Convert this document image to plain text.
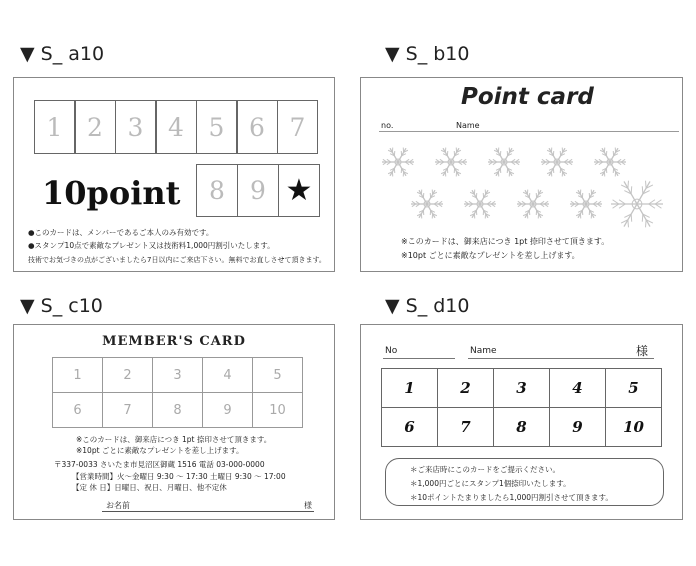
▼ S_ a10	▼ S_ b10
▼ S_ c10	▼ S_ d10
1 2 3 4 5 6 7
10point 8 9 ★
●このカードは、メンバーであるご本人のみ有効です。
●スタンプ10点で素敵なプレゼント又は技術料1,000円割引いたします。
技術でお気づきの点がございましたら7日以内にご来店下さい。無料でお直しさせて頂きます。
Point card
no.	Name
※このカードは、御来店につき 1pt 捺印させて頂きます。
※10pt ごとに素敵なプレゼントを差し上げます。
MEMBER'S CARD
1	2	3	4	5
6	7	8	9	10
※このカードは、御来店につき 1pt 捺印させて頂きます。
※10pt ごとに素敵なプレゼントを差し上げます。
〒337-0033 さいたま市見沼区御蔵 1516 電話 03-000-0000
【営業時間】火～金曜日 9:30 ～ 17:30 土曜日 9:30 ～ 17:00
【定 休 日】日曜日、祝日、月曜日、他不定休
お名前	様
No	Name	様
1	2	3	4	5
6	7	8	9	10
＊ご来店時にこのカードをご提示ください。
＊1,000円ごとにスタンプ1個捺印いたします。
＊10ポイントたまりましたら1,000円割引させて頂きます。
